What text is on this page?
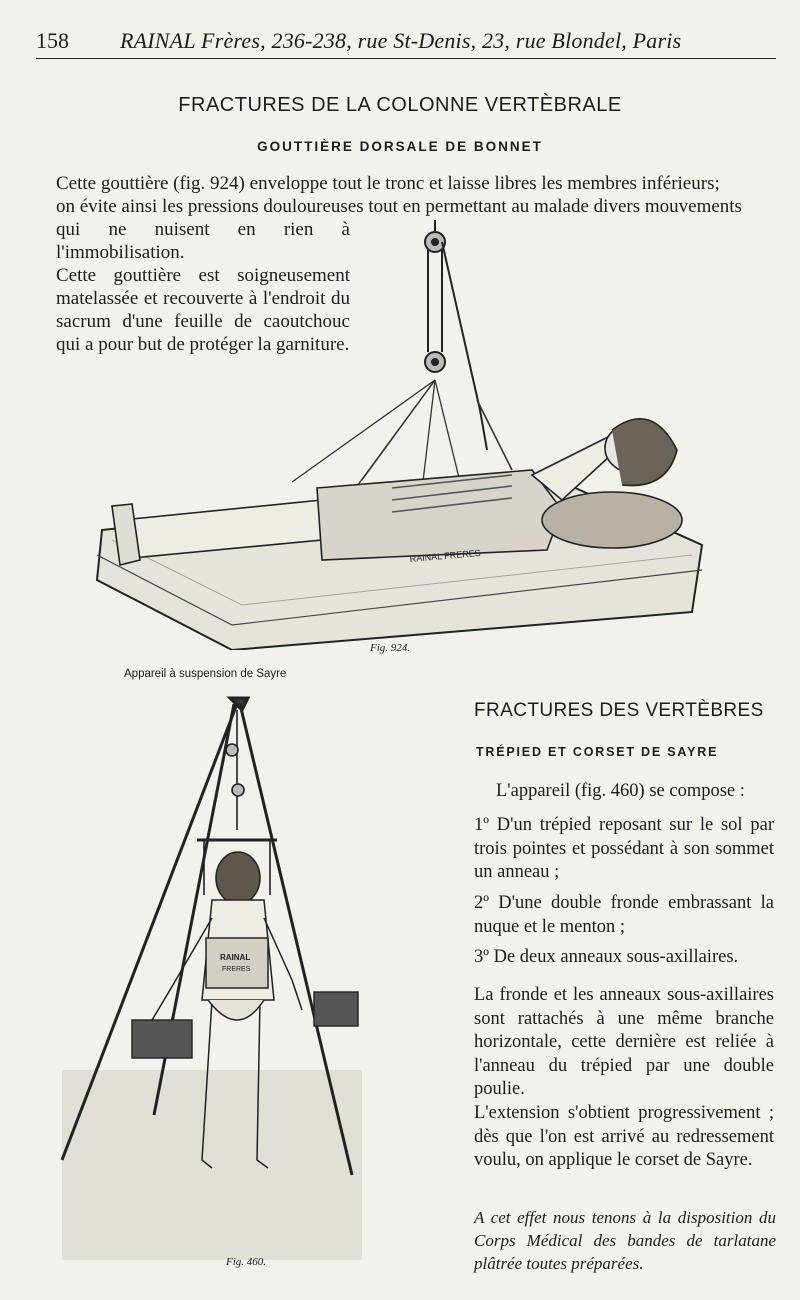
158 RAINAL Frères, 236-238, rue St-Denis, 23, rue Blondel, Paris
FRACTURES DE LA COLONNE VERTÈBRALE
GOUTTIÈRE DORSALE DE BONNET

Cette gouttière (fig. 924) enveloppe tout le tronc et laisse libres les membres inférieurs;

on évite ainsi les pressions douloureuses tout en permettant au malade divers mouvements

qui ne nuisent en rien à l'immobilisation.
Cette gouttière est soigneusement matelassée et recouverte à l'endroit du sacrum d'une feuille de caoutchouc qui a pour but de protéger la garniture.
RAINAL FRERES
Fig. 924.
Appareil à suspension de Sayre
RAINAL
FRERES
Fig. 460.
FRACTURES DES VERTÈBRES
TRÉPIED ET CORSET DE SAYRE
L'appareil (fig. 460) se compose :
1º D'un trépied reposant sur le sol par trois pointes et possédant à son sommet un anneau ;
2º D'une double fronde embrassant la nuque et le menton ;
3º De deux anneaux sous-axillaires.
La fronde et les anneaux sous-axillaires sont rattachés à une même branche horizontale, cette dernière est reliée à l'anneau du trépied par une double poulie.
L'extension s'obtient progressivement ; dès que l'on est arrivé au redressement voulu, on applique le corset de Sayre.
A cet effet nous tenons à la disposition du Corps Médical des bandes de tarlatane plâtrée toutes préparées.
